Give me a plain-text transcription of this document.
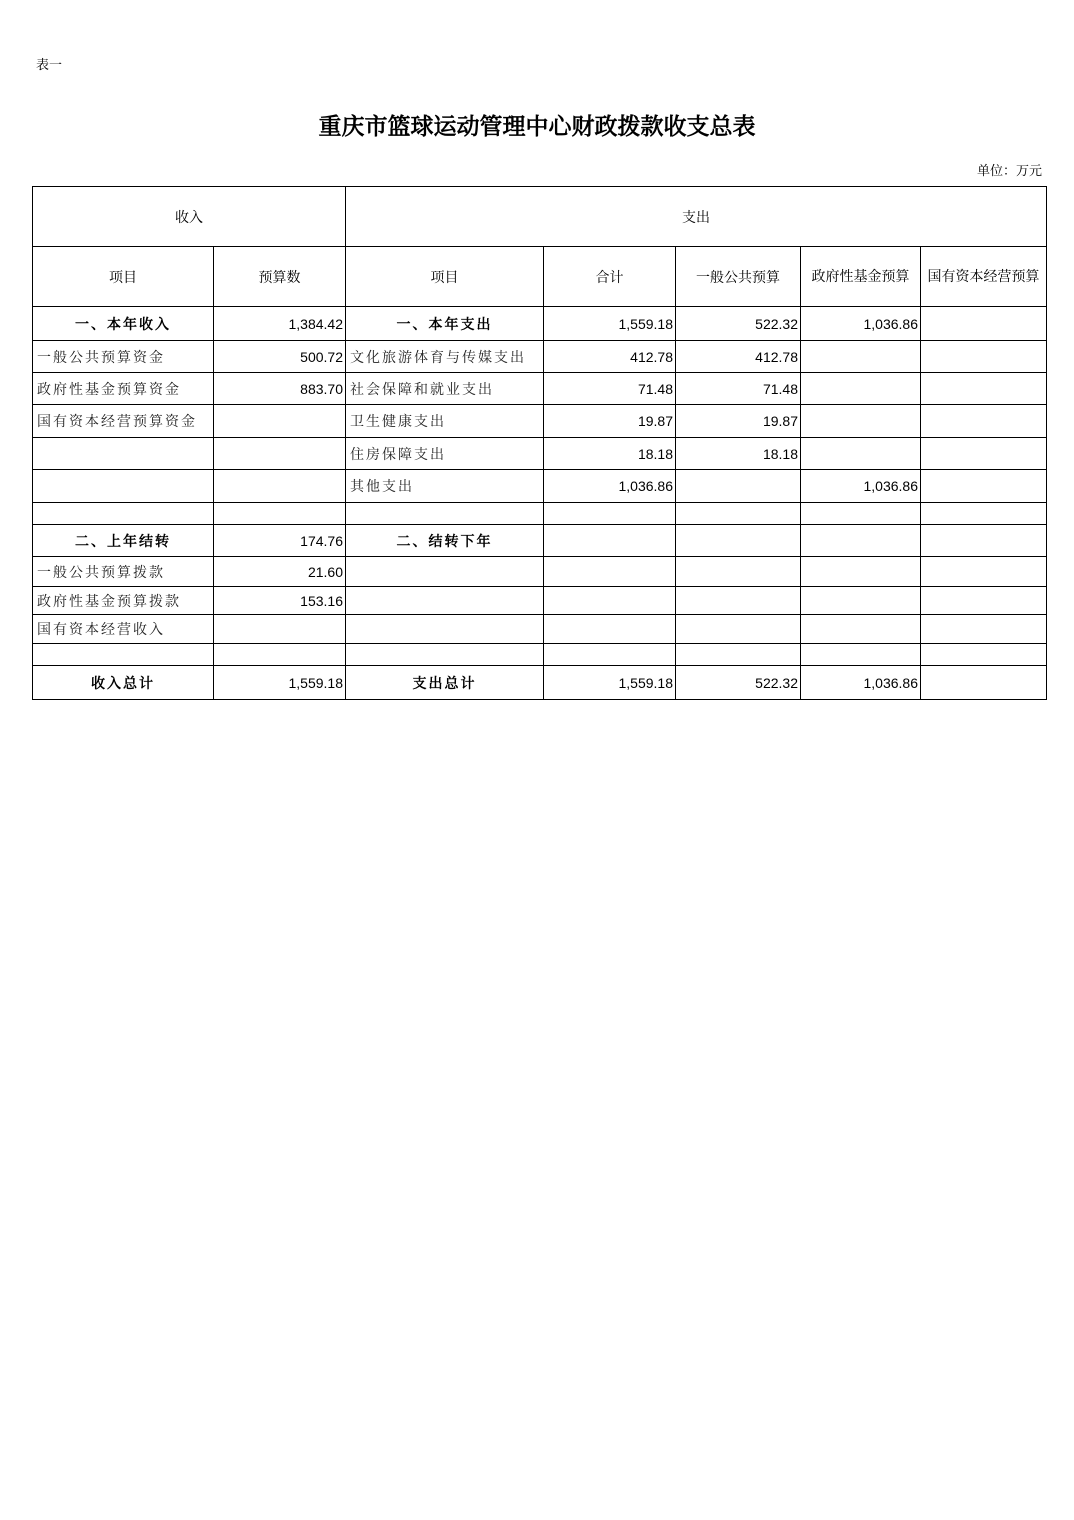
表一
重庆市篮球运动管理中心财政拨款收支总表
单位：万元
收入		支出				
项目	预算数	项目	合计	一般公共预算	政府性基金预算	国有资本经营预算
一、本年收入	1,384.42	一、本年支出	1,559.18	522.32	1,036.86	
一般公共预算资金	500.72	文化旅游体育与传媒支出	412.78	412.78		
政府性基金预算资金	883.70	社会保障和就业支出	71.48	71.48		
国有资本经营预算资金		卫生健康支出	19.87	19.87		
		住房保障支出	18.18	18.18		
		其他支出	1,036.86		1,036.86	

二、上年结转	174.76	二、结转下年				
一般公共预算拨款	21.60					
政府性基金预算拨款	153.16					
国有资本经营收入						

收入总计	1,559.18	支出总计	1,559.18	522.32	1,036.86	
